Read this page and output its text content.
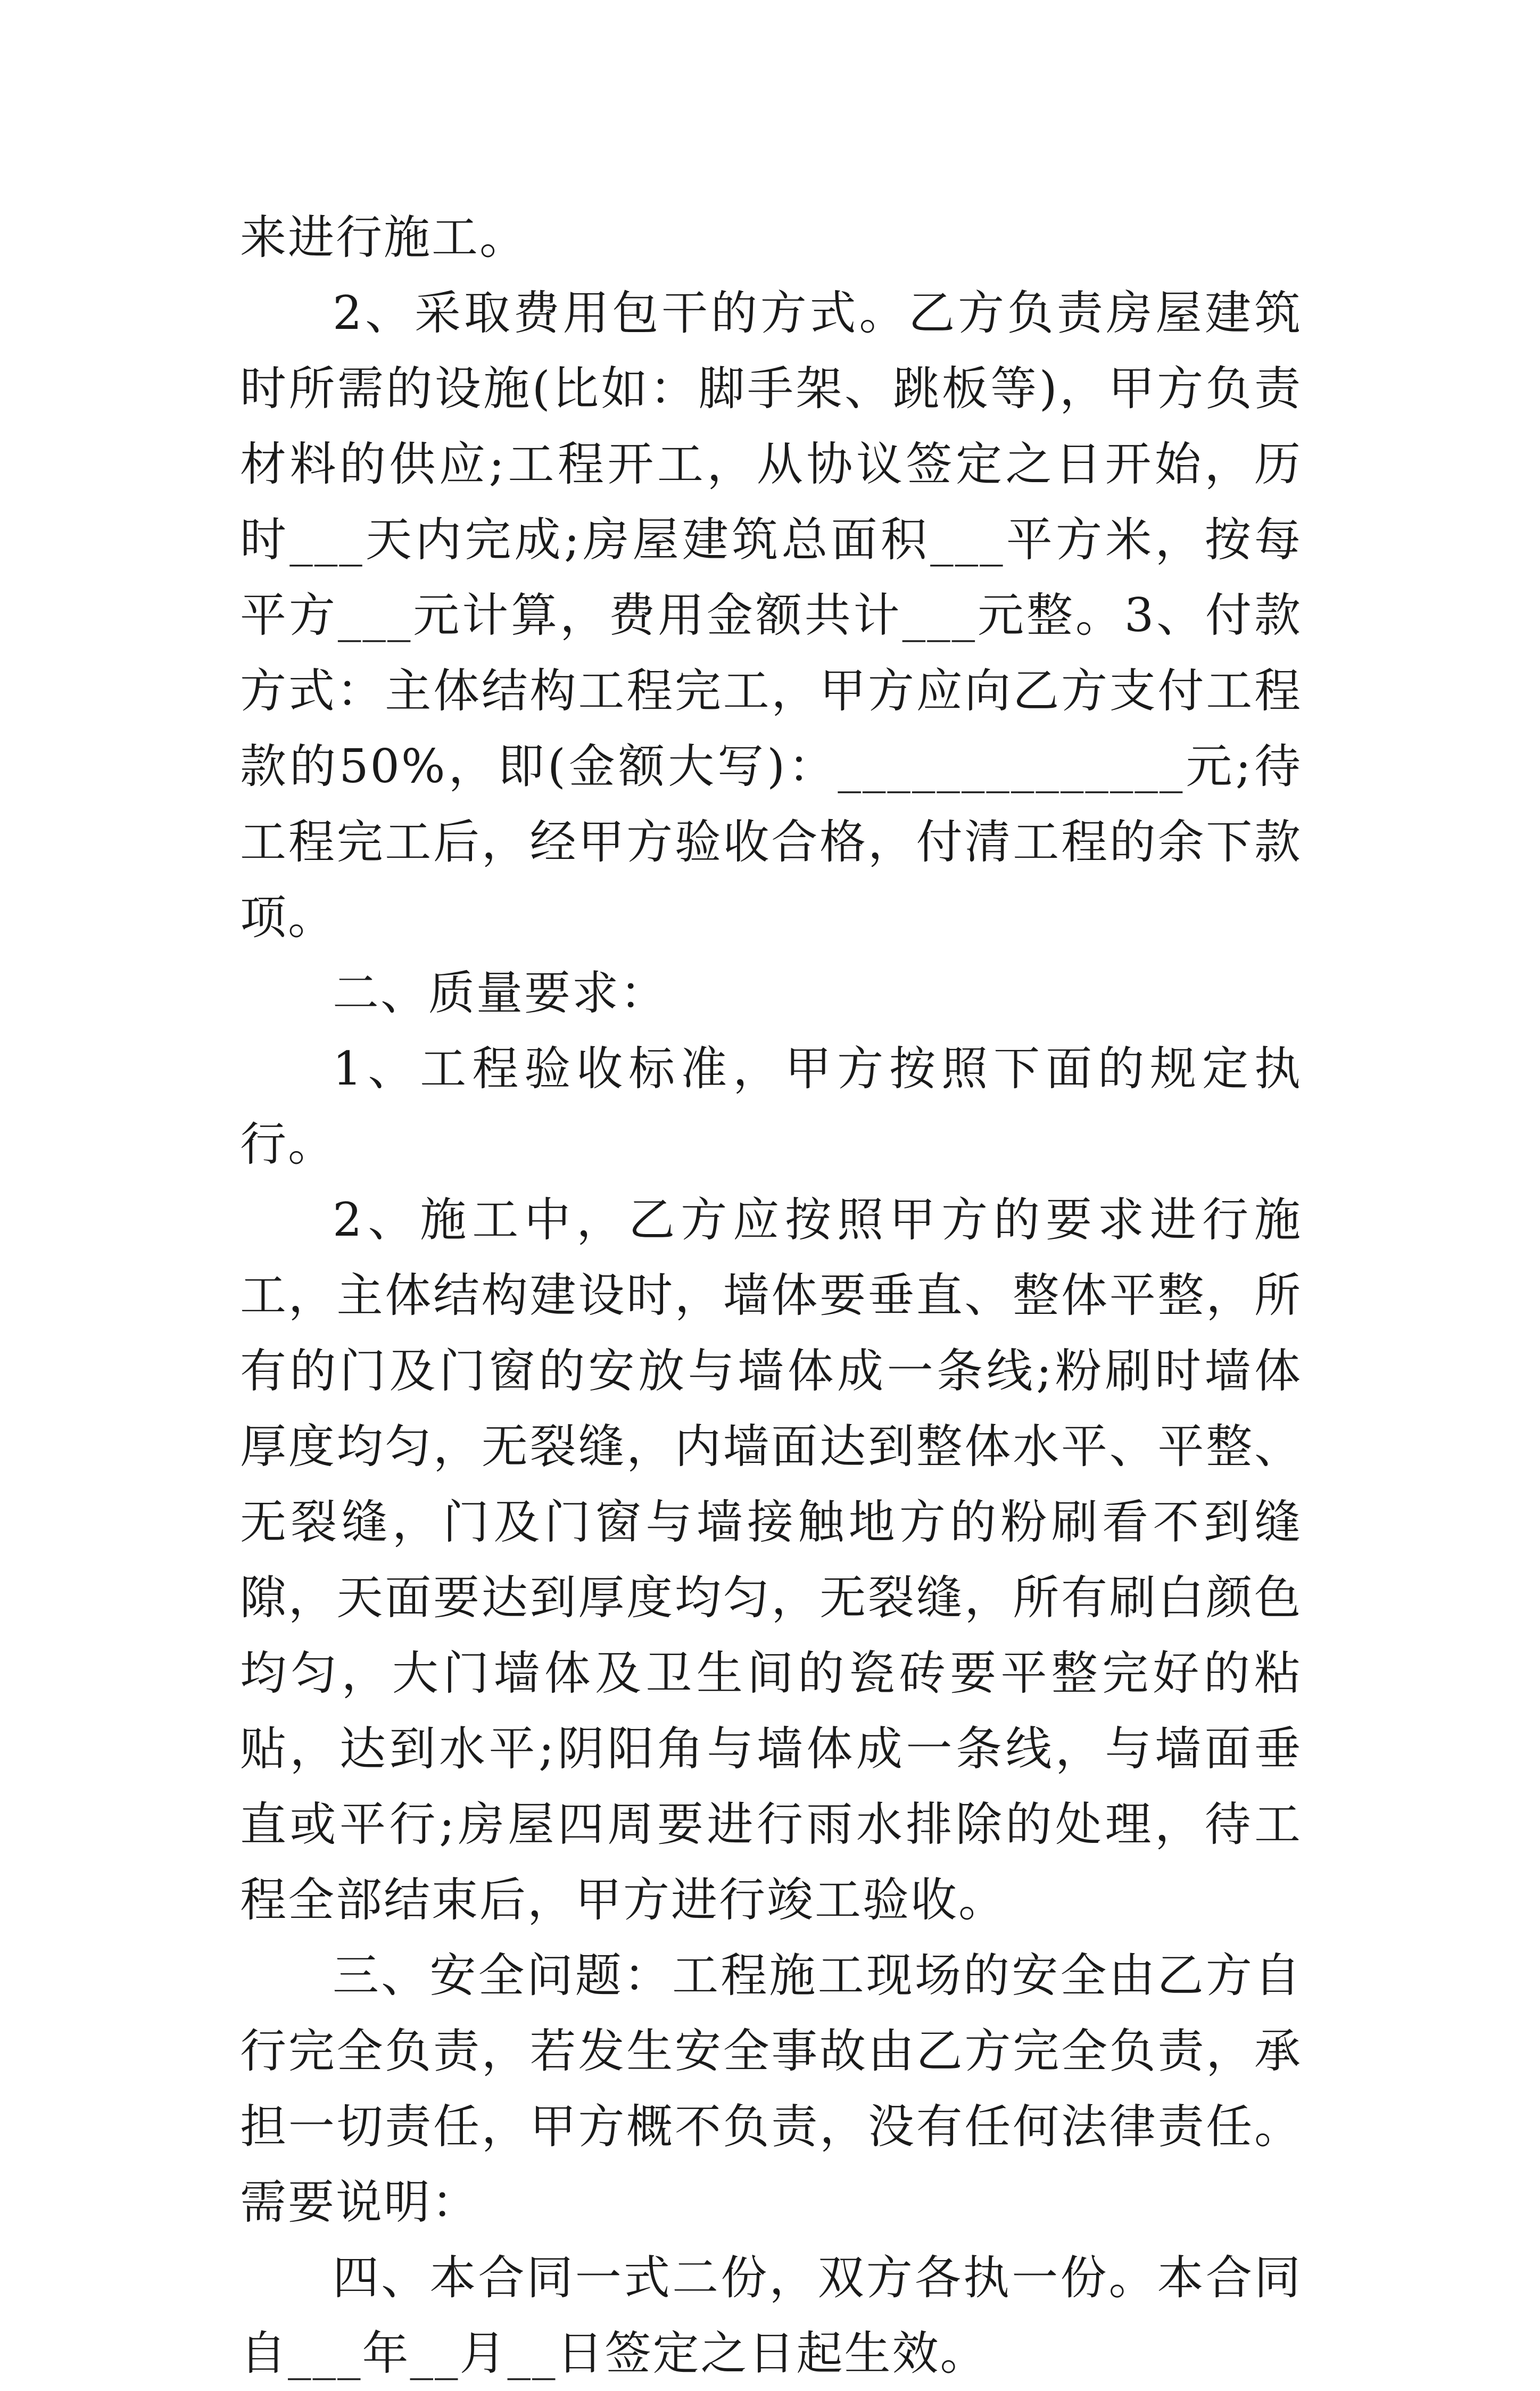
来进行施工。

2、采取费用包干的方式。乙方负责房屋建筑时所需的设施(比如：脚手架、跳板等)，甲方负责材料的供应;工程开工，从协议签定之日开始，历时___天内完成;房屋建筑总面积___平方米，按每平方___元计算，费用金额共计___元整。3、付款方式：主体结构工程完工，甲方应向乙方支付工程款的50%，即(金额大写)：______________元;待工程完工后，经甲方验收合格，付清工程的余下款项。

二、质量要求：

1、工程验收标准，甲方按照下面的规定执行。

2、施工中，乙方应按照甲方的要求进行施工，主体结构建设时，墙体要垂直、整体平整，所有的门及门窗的安放与墙体成一条线;粉刷时墙体厚度均匀，无裂缝，内墙面达到整体水平、平整、无裂缝，门及门窗与墙接触地方的粉刷看不到缝隙，天面要达到厚度均匀，无裂缝，所有刷白颜色均匀，大门墙体及卫生间的瓷砖要平整完好的粘贴，达到水平;阴阳角与墙体成一条线，与墙面垂直或平行;房屋四周要进行雨水排除的处理，待工程全部结束后，甲方进行竣工验收。

三、安全问题：工程施工现场的安全由乙方自行完全负责，若发生安全事故由乙方完全负责，承担一切责任，甲方概不负责，没有任何法律责任。需要说明：

四、本合同一式二份，双方各执一份。本合同自___年__月__日签定之日起生效。
